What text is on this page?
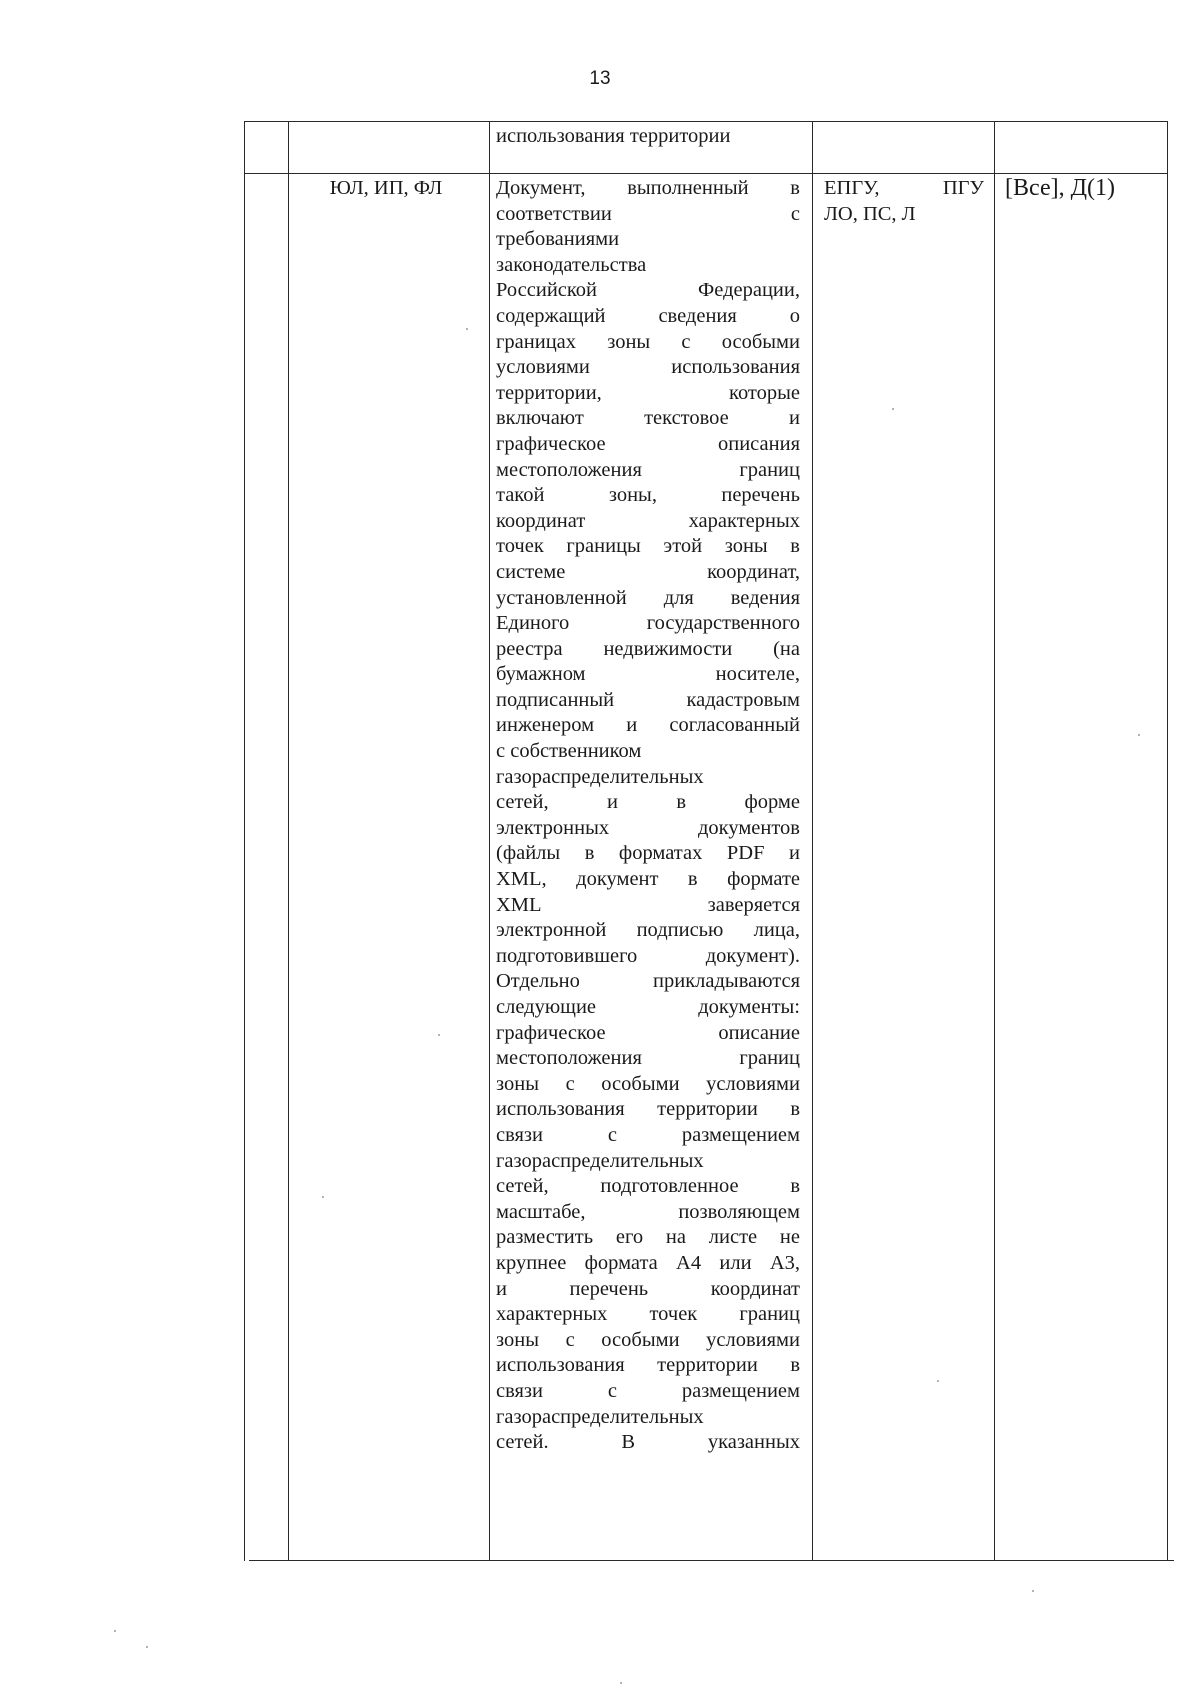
13
использования территории
ЮЛ, ИП, ФЛ	Документ, выполненный в
соответствии с
требованиями
законодательства
Российской Федерации,
содержащий сведения о
границах зоны с особыми
условиями использования
территории, которые
включают текстовое и
графическое описания
местоположения границ
такой зоны, перечень
координат характерных
точек границы этой зоны в
системе координат,
установленной для ведения
Единого государственного
реестра недвижимости (на
бумажном носителе,
подписанный кадастровым
инженером и согласованный
с собственником
газораспределительных
сетей, и в форме
электронных документов
(файлы в форматах PDF и
XML, документ в формате
XML заверяется
электронной подписью лица,
подготовившего документ).
Отдельно прикладываются
следующие документы:
графическое описание
местоположения границ
зоны с особыми условиями
использования территории в
связи с размещением
газораспределительных
сетей, подготовленное в
масштабе, позволяющем
разместить его на листе не
крупнее формата А4 или А3,
и перечень координат
характерных точек границ
зоны с особыми условиями
использования территории в
связи с размещением
газораспределительных
сетей. В указанных
ЕПГУ, ПГУ
ЛО, ПС, Л
[Все], Д(1)
